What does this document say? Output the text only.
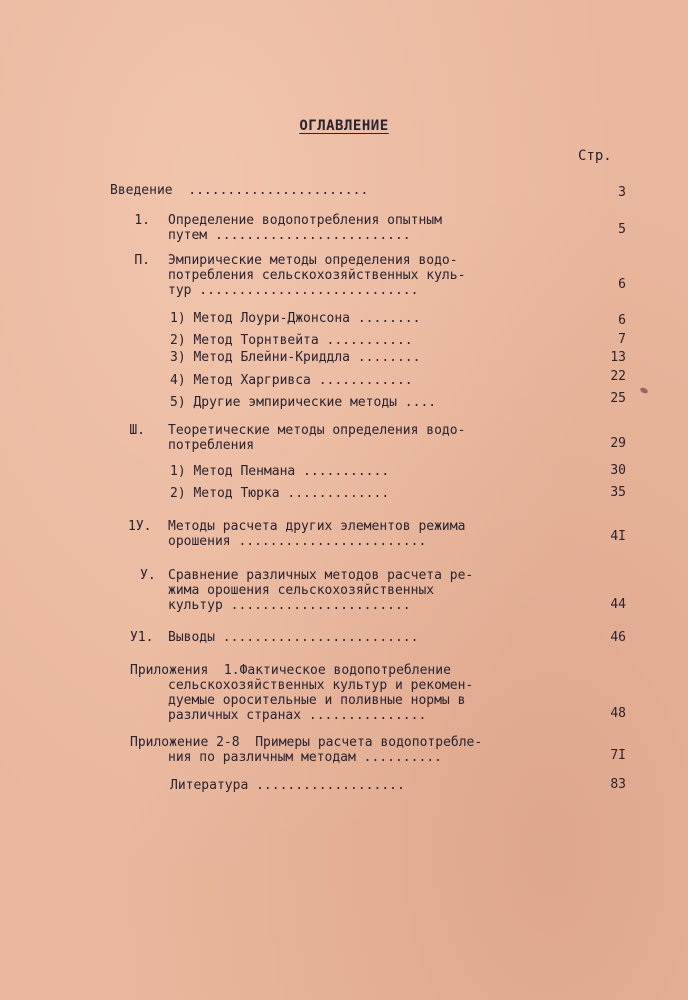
ОГЛАВЛЕНИЕ
Стр.
Введение  .......................	3
1. Определение водопотребления опытным
путем .........................	5
П. Эмпирические методы определения водо-
потребления сельскохозяйственных куль-
тур ............................	6
1) Метод Лоури-Джонсона ........	6
2) Метод Торнтвейта ...........	7
3) Метод Блейни-Криддла ........	13
4) Метод Харгривса ............	22
5) Другие эмпирические методы ....	25
Ш. Теоретические методы определения водо-
потребления	29
1) Метод Пенмана ...........	30
2) Метод Тюрка .............	35
1У.	Методы расчета других элементов режима
орошения ........................	4I
У. Сравнение различных методов расчета ре-
жима орошения сельскохозяйственных
культур .......................	44
У1.	Выводы .........................	46
Приложения  1.Фактическое водопотребление
сельскохозяйственных культур и рекомен-
дуемые оросительные и поливные нормы в
различных странах ...............	48
Приложение 2-8  Примеры расчета водопотребле-
ния по различным методам ..........	7I
Литература ...................	83
